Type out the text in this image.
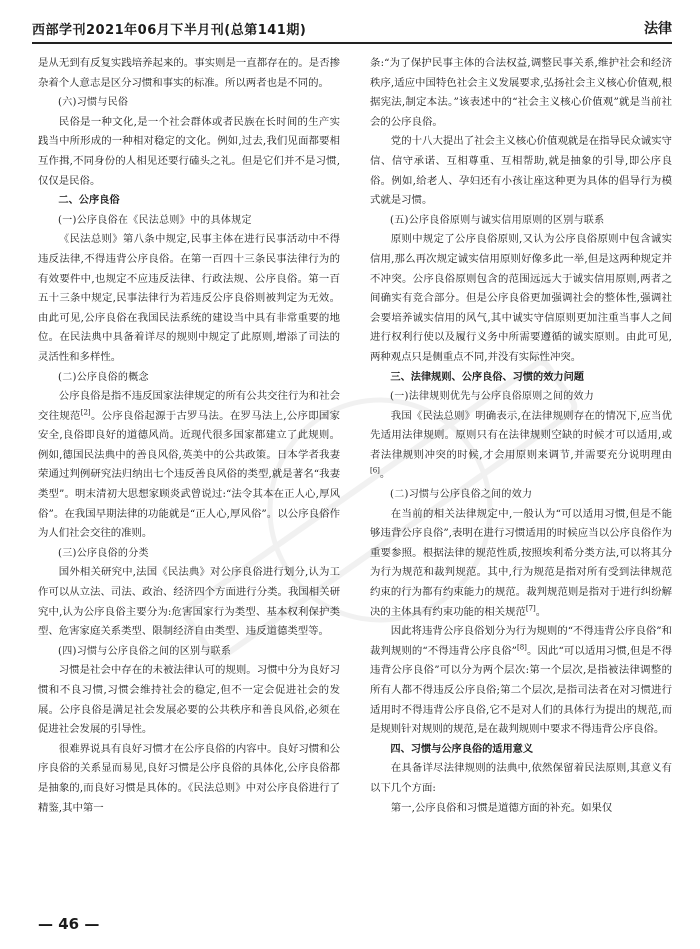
西部学刊2021年06月下半月刊(总第141期)	法律

是从无到有反复实践培养起来的。事实则是一直都存在的。是否掺杂着个人意志是区分习惯和事实的标准。所以两者也是不同的。

(六)习惯与民俗

民俗是一种文化,是一个社会群体或者民族在长时间的生产实践当中所形成的一种相对稳定的文化。例如,过去,我们见面都要相互作揖,不同身份的人相见还要行磕头之礼。但是它们并不是习惯,仅仅是民俗。

二、公序良俗

(一)公序良俗在《民法总则》中的具体规定

《民法总则》第八条中规定,民事主体在进行民事活动中不得违反法律,不得违背公序良俗。在第一百四十三条民事法律行为的有效要件中,也规定不应违反法律、行政法规、公序良俗。第一百五十三条中规定,民事法律行为若违反公序良俗则被判定为无效。由此可见,公序良俗在我国民法系统的建设当中具有非常重要的地位。在民法典中具备着详尽的规则中规定了此原则,增添了司法的灵活性和多样性。

(二)公序良俗的概念

公序良俗是指不违反国家法律规定的所有公共交往行为和社会交往规范[2]。公序良俗起源于古罗马法。在罗马法上,公序即国家安全,良俗即良好的道德风尚。近现代很多国家都建立了此规则。例如,德国民法典中的善良风俗,英美中的公共政策。日本学者我妻荣通过判例研究法归纳出七个违反善良风俗的类型,就是著名“我妻类型”。明末清初大思想家顾炎武曾说过:“法令其本在正人心,厚风俗”。在我国早期法律的功能就是“正人心,厚风俗”。以公序良俗作为人们社会交往的准则。

(三)公序良俗的分类

国外相关研究中,法国《民法典》对公序良俗进行划分,认为工作可以从立法、司法、政治、经济四个方面进行分类。我国相关研究中,认为公序良俗主要分为:危害国家行为类型、基本权利保护类型、危害家庭关系类型、限制经济自由类型、违反道德类型等。

(四)习惯与公序良俗之间的区别与联系

习惯是社会中存在的未被法律认可的规则。习惯中分为良好习惯和不良习惯,习惯会维持社会的稳定,但不一定会促进社会的发展。公序良俗是满足社会发展必要的公共秩序和善良风俗,必须在促进社会发展的引导性。

很难界说具有良好习惯才在公序良俗的内容中。良好习惯和公序良俗的关系显而易见,良好习惯是公序良俗的具体化,公序良俗都是抽象的,而良好习惯是具体的。《民法总则》中对公序良俗进行了精鉴,其中第一

条:“为了保护民事主体的合法权益,调整民事关系,维护社会和经济秩序,适应中国特色社会主义发展要求,弘扬社会主义核心价值观,根据宪法,制定本法。”该表述中的“社会主义核心价值观”就是当前社会的公序良俗。

党的十八大提出了社会主义核心价值观就是在指导民众诚实守信、信守承诺、互相尊重、互相帮助,就是抽象的引导,即公序良俗。例如,给老人、孕妇还有小孩让座这种更为具体的倡导行为模式就是习惯。

(五)公序良俗原则与诚实信用原则的区别与联系

原则中规定了公序良俗原则,又认为公序良俗原则中包含诚实信用,那么再次规定诚实信用原则好像多此一举,但是这两种规定并不冲突。公序良俗原则包含的范围远远大于诚实信用原则,两者之间确实有竞合部分。但是公序良俗更加强调社会的整体性,强调社会要培养诚实信用的风气,其中诚实守信原则更加注重当事人之间进行权利行使以及履行义务中所需要遵循的诚实原则。由此可见,两种观点只是侧重点不同,并没有实际性冲突。

三、法律规则、公序良俗、习惯的效力问题

(一)法律规则优先与公序良俗原则之间的效力

我国《民法总则》明确表示,在法律规则存在的情况下,应当优先适用法律规则。原则只有在法律规则空缺的时候才可以适用,或者法律规则冲突的时候,才会用原则来调节,并需要充分说明理由[6]。

(二)习惯与公序良俗之间的效力

在当前的相关法律规定中,一般认为“可以适用习惯,但是不能够违背公序良俗”,表明在进行习惯适用的时候应当以公序良俗作为重要参照。根据法律的规范性质,按照埃利希分类方法,可以将其分为行为规范和裁判规范。其中,行为规范是指对所有受到法律规范约束的行为都有约束能力的规范。裁判规范则是指对于进行纠纷解决的主体具有约束功能的相关规范[7]。

因此将违背公序良俗划分为行为规则的“不得违背公序良俗”和裁判规则的“不得违背公序良俗”[8]。因此“可以适用习惯,但是不得违背公序良俗”可以分为两个层次:第一个层次,是指被法律调整的所有人都不得违反公序良俗;第二个层次,是指司法者在对习惯进行适用时不得违背公序良俗,它不是对人们的具体行为提出的规范,而是规则针对规则的规范,是在裁判规则中要求不得违背公序良俗。

四、习惯与公序良俗的适用意义

在具备详尽法律规则的法典中,依然保留着民法原则,其意义有以下几个方面:

第一,公序良俗和习惯是道德方面的补充。如果仅

— 46 —
